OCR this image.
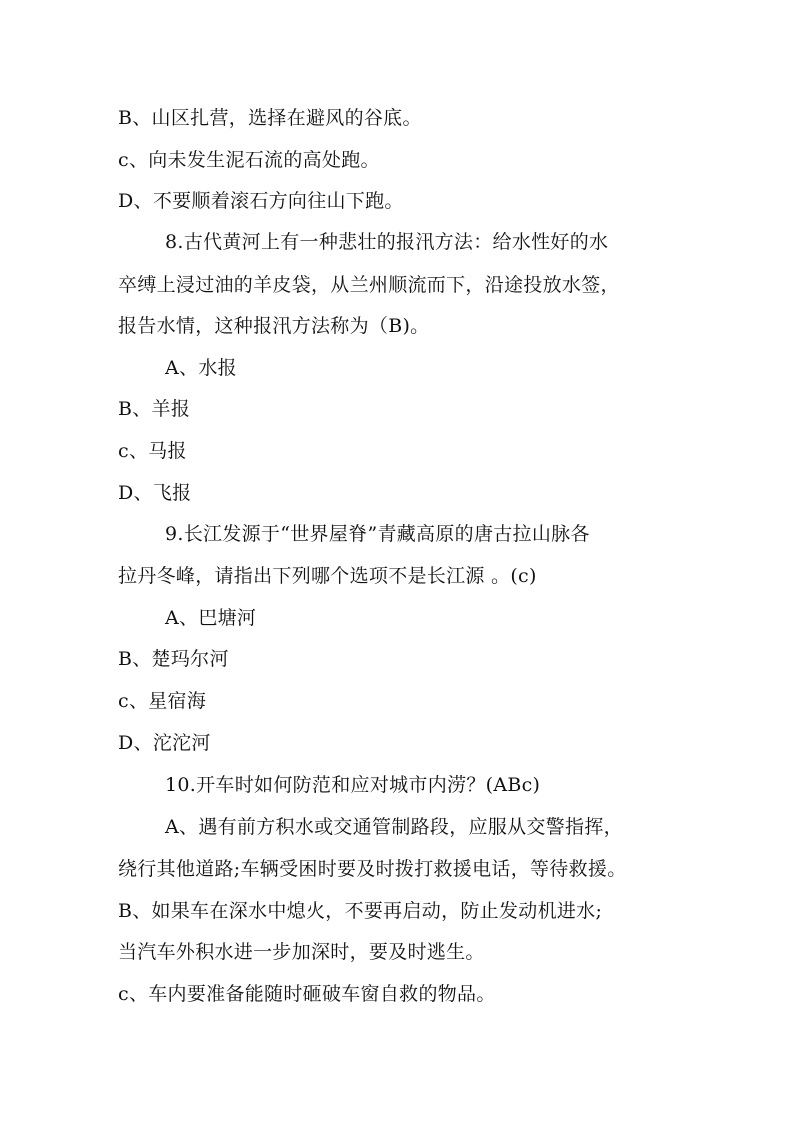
B、山区扎营，选择在避风的谷底。
c、向未发生泥石流的高处跑。
D、不要顺着滚石方向往山下跑。
8.古代黄河上有一种悲壮的报汛方法：给水性好的水
卒缚上浸过油的羊皮袋，从兰州顺流而下，沿途投放水签，
报告水情，这种报汛方法称为（B)。
A、水报
B、羊报
c、马报
D、飞报
9.长江发源于“世界屋脊”青藏高原的唐古拉山脉各
拉丹冬峰，请指出下列哪个选项不是长江源 。(c)
A、巴塘河
B、楚玛尔河
c、星宿海
D、沱沱河
10.开车时如何防范和应对城市内涝？(ABc)
A、遇有前方积水或交通管制路段，应服从交警指挥，
绕行其他道路;车辆受困时要及时拨打救援电话，等待救援。
B、如果车在深水中熄火，不要再启动，防止发动机进水;
当汽车外积水进一步加深时，要及时逃生。
c、车内要准备能随时砸破车窗自救的物品。
